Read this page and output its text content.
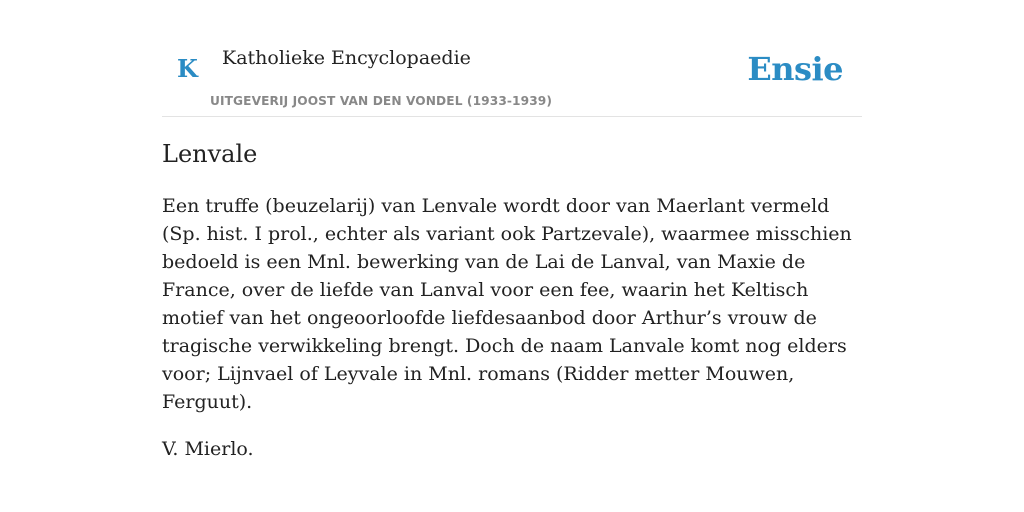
K Katholieke Encyclopaedie
UITGEVERIJ JOOST VAN DEN VONDEL (1933-1939)
Ensie
Lenvale

Een truffe (beuzelarij) van Lenvale wordt door van Maerlant vermeld (Sp. hist. I prol., echter als variant ook Partzevale), waarmee misschien bedoeld is een Mnl. bewerking van de Lai de Lanval, van Maxie de France, over de liefde van Lanval voor een fee, waarin het Keltisch motief van het ongeoorloofde liefdesaanbod door Arthur’s vrouw de tragische verwikkeling brengt. Doch de naam Lanvale komt nog elders voor; Lijnvael of Leyvale in Mnl. romans (Ridder metter Mouwen, Ferguut).

V. Mierlo.
